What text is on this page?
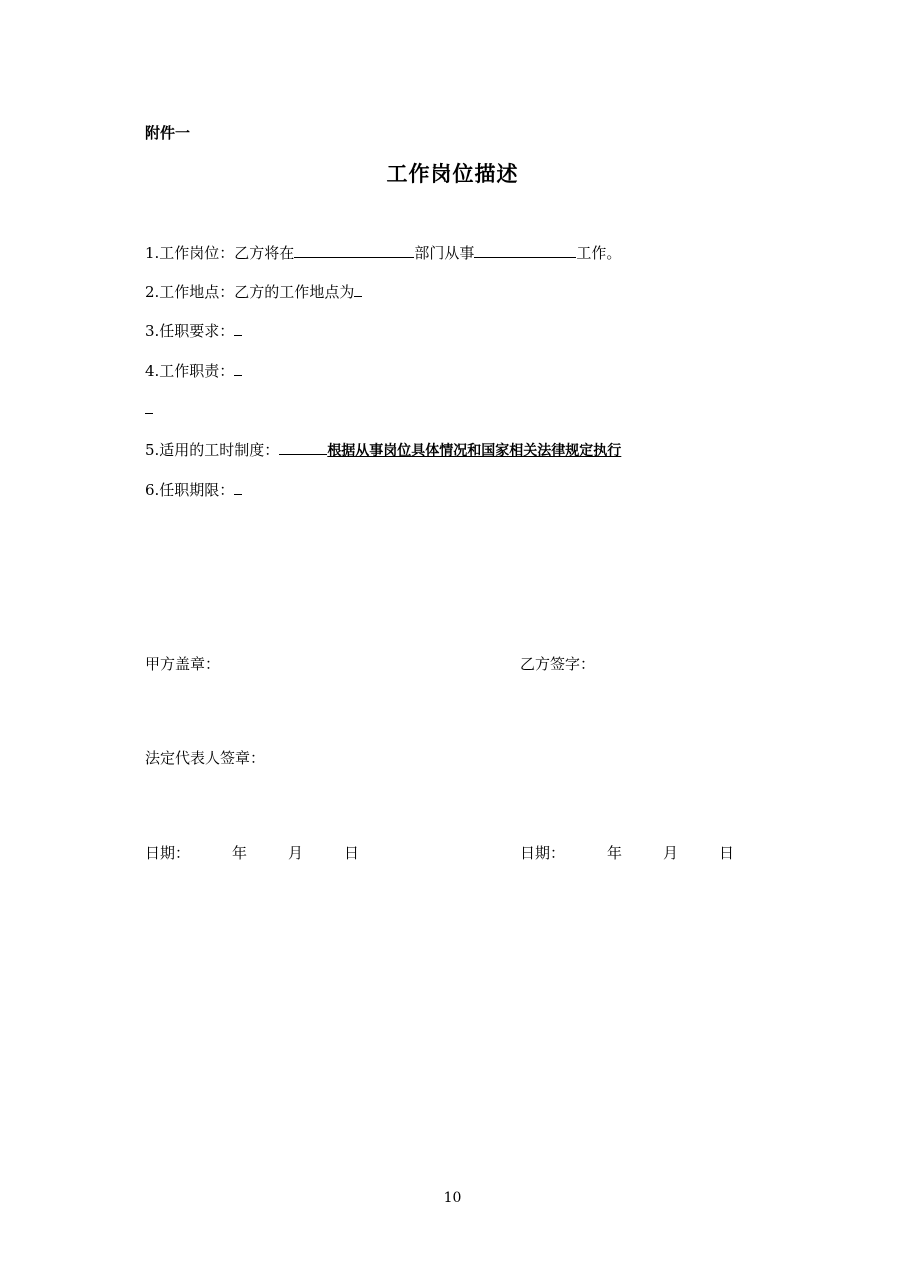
附件一
工作岗位描述
1.工作岗位：乙方将在	部门从事	工作。
2.工作地点：乙方的工作地点为
3.任职要求：
4.工作职责：
5.适用的工时制度：	根据从事岗位具体情况和国家相关法律规定执行
6.任职期限：
甲方盖章：	乙方签字：
法定代表人签章：
日期：	年	月	日	日期：	年	月	日
10
